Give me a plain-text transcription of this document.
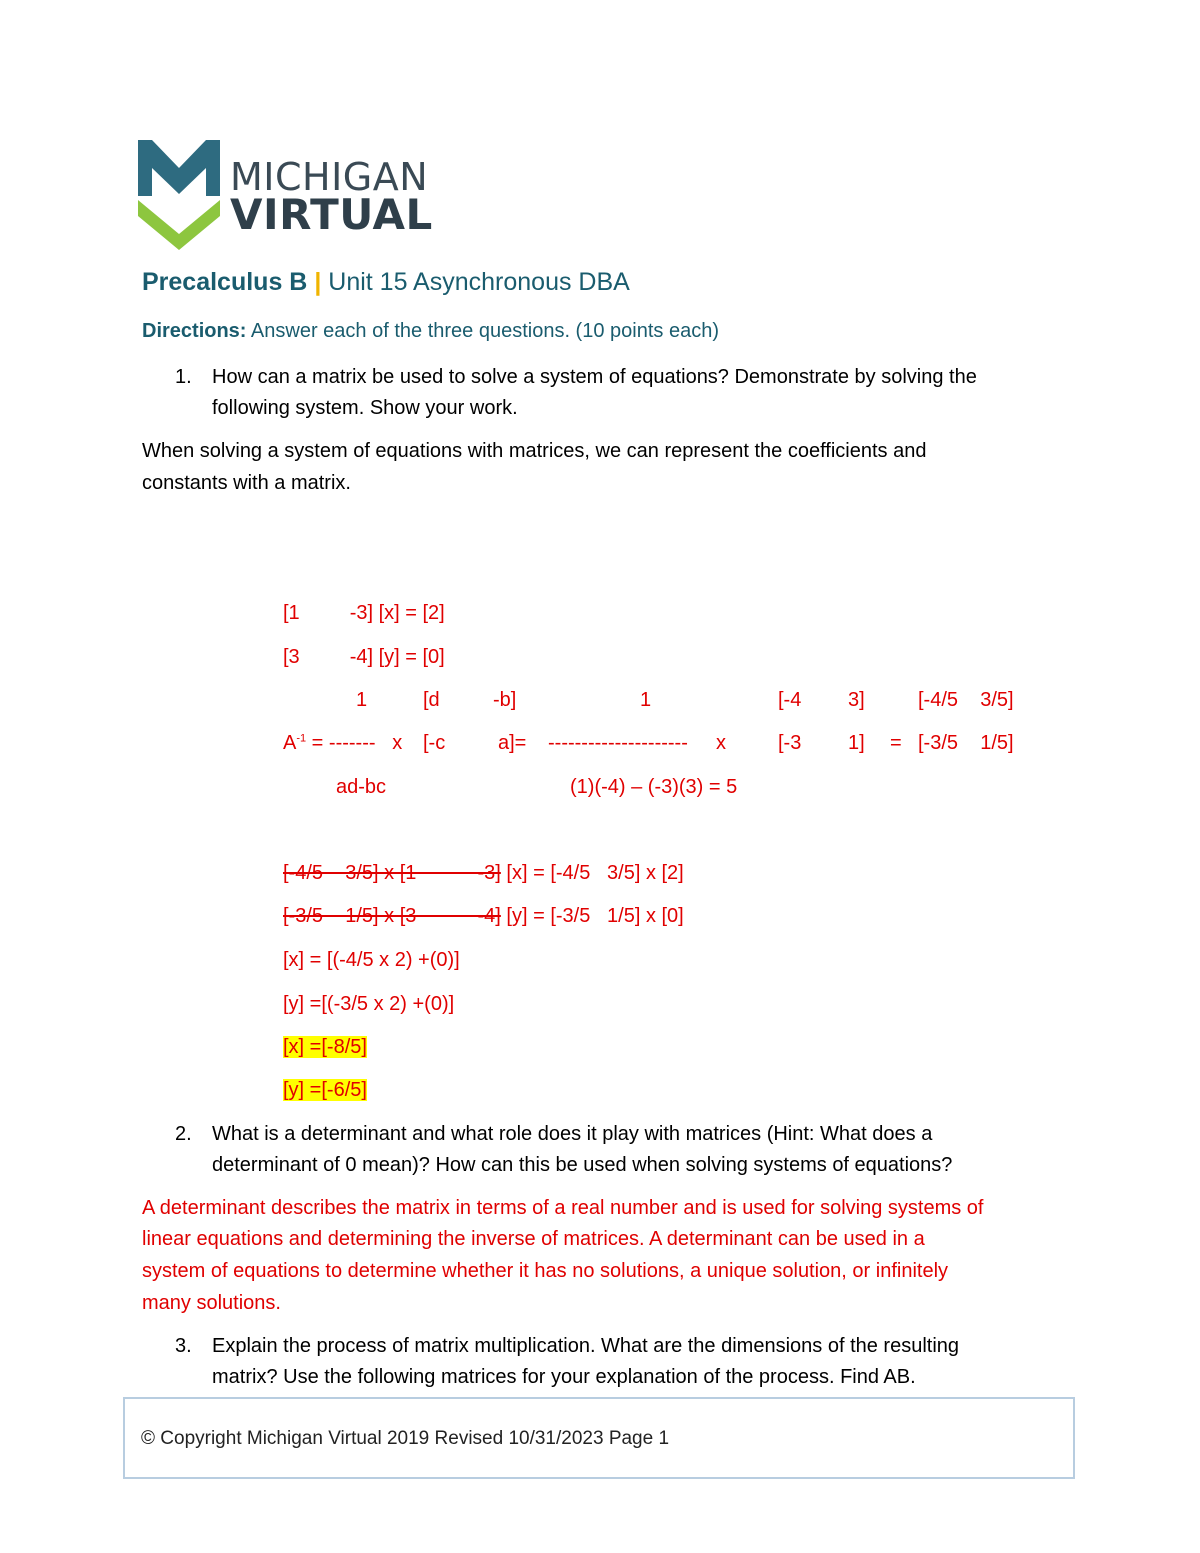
MICHIGAN
VIRTUAL
Precalculus B | Unit 15 Asynchronous DBA
Directions: Answer each of the three questions. (10 points each)
1. How can a matrix be used to solve a system of equations? Demonstrate by solving the
following system. Show your work.
When solving a system of equations with matrices, we can represent the coefficients and
constants with a matrix.
[1         -3] [x] = [2]
[3         -4] [y] = [0]
1	[d	-b]	1	[-4 3]	[-4/5    3/5]
$A^{-1}$ = -------   x [-c	a]= --------------------- x	[-3 1] = [-3/5    1/5]
ad-bc	(1)(-4) – (-3)(3) = 5
[-4/5    3/5] x [1           -3] [x] = [-4/5   3/5] x [2]
[-3/5    1/5] x [3           -4] [y] = [-3/5   1/5] x [0]
[x] = [(-4/5 x 2) +(0)]
[y] =[(-3/5 x 2) +(0)]
[x] =[-8/5]
[y] =[-6/5]
2. What is a determinant and what role does it play with matrices (Hint: What does a
determinant of 0 mean)? How can this be used when solving systems of equations?
A determinant describes the matrix in terms of a real number and is used for solving systems of
linear equations and determining the inverse of matrices. A determinant can be used in a
system of equations to determine whether it has no solutions, a unique solution, or infinitely
many solutions.
3. Explain the process of matrix multiplication. What are the dimensions of the resulting
matrix? Use the following matrices for your explanation of the process. Find AB.
© Copyright Michigan Virtual 2019 Revised 10/31/2023 Page 1
